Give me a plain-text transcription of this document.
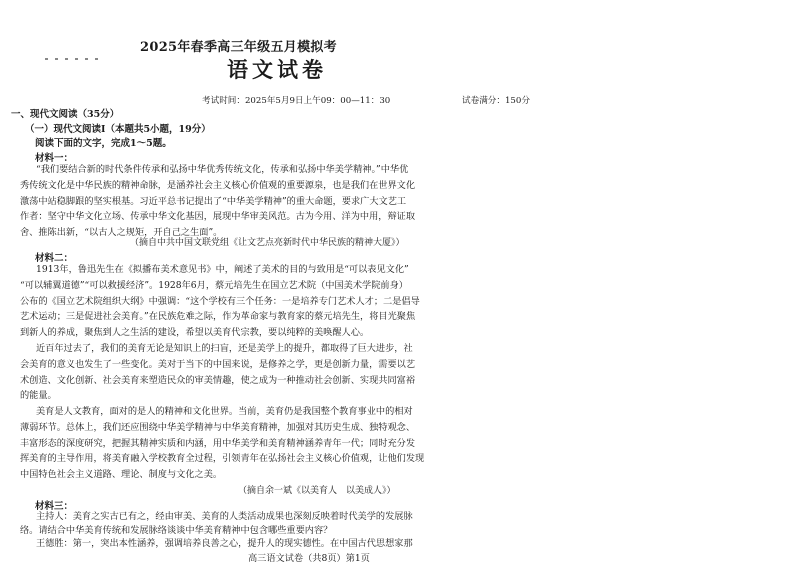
2025年春季高三年级五月模拟考
语文试卷
考试时间：2025年5月9日上午09：00—11：30	试卷满分：150分
一、现代文阅读（35分）
（一）现代文阅读Ⅰ（本题共5小题，19分）
阅读下面的文字，完成1～5题。
材料一：
“我们要结合新的时代条件传承和弘扬中华优秀传统文化，传承和弘扬中华美学精神。”中华优
秀传统文化是中华民族的精神命脉，是涵养社会主义核心价值观的重要源泉，也是我们在世界文化
激荡中站稳脚跟的坚实根基。习近平总书记提出了“中华美学精神”的重大命题，要求广大文艺工
作者：坚守中华文化立场、传承中华文化基因，展现中华审美风范。古为今用、洋为中用，辩证取
舍、推陈出新，“以古人之规矩，开自己之生面”。
（摘自中共中国文联党组《让文艺点亮新时代中华民族的精神大厦》）
材料二：
1913年，鲁迅先生在《拟播布美术意见书》中，阐述了美术的目的与致用是“可以表见文化”
“可以辅翼道德”“可以救援经济”。1928年6月，蔡元培先生在国立艺术院（中国美术学院前身）
公布的《国立艺术院组织大纲》中强调：“这个学校有三个任务：一是培养专门艺术人才；二是倡导
艺术运动；三是促进社会美育。”在民族危难之际，作为革命家与教育家的蔡元培先生，将目光聚焦
到新人的养成，聚焦到人之生活的建设，希望以美育代宗教，要以纯粹的美唤醒人心。
近百年过去了，我们的美育无论是知识上的扫盲，还是美学上的提升，都取得了巨大进步，社
会美育的意义也发生了一些变化。美对于当下的中国来说，是修养之学，更是创新力量，需要以艺
术创造、文化创新、社会美育来塑造民众的审美情趣，使之成为一种推动社会创新、实现共同富裕
的能量。
美育是人文教育，面对的是人的精神和文化世界。当前，美育仍是我国整个教育事业中的相对
薄弱环节。总体上，我们还应围绕中华美学精神与中华美育精神，加强对其历史生成、独特观念、
丰富形态的深度研究，把握其精神实质和内涵，用中华美学和美育精神涵养青年一代；同时充分发
挥美育的主导作用，将美育融入学校教育全过程，引领青年在弘扬社会主义核心价值观，让他们发现
中国特色社会主义道路、理论、制度与文化之美。
（摘自余一斌《以美育人　以美成人》）
材料三：
主持人：美育之实古已有之，经由审美、美育的人类活动成果也深刻反映着时代美学的发展脉
络。请结合中华美育传统和发展脉络谈谈中华美育精神中包含哪些重要内容？
王德胜：第一，突出本性涵养，强调培养良善之心，提升人的现实德性。在中国古代思想家那
高三语文试卷（共8页）第1页
